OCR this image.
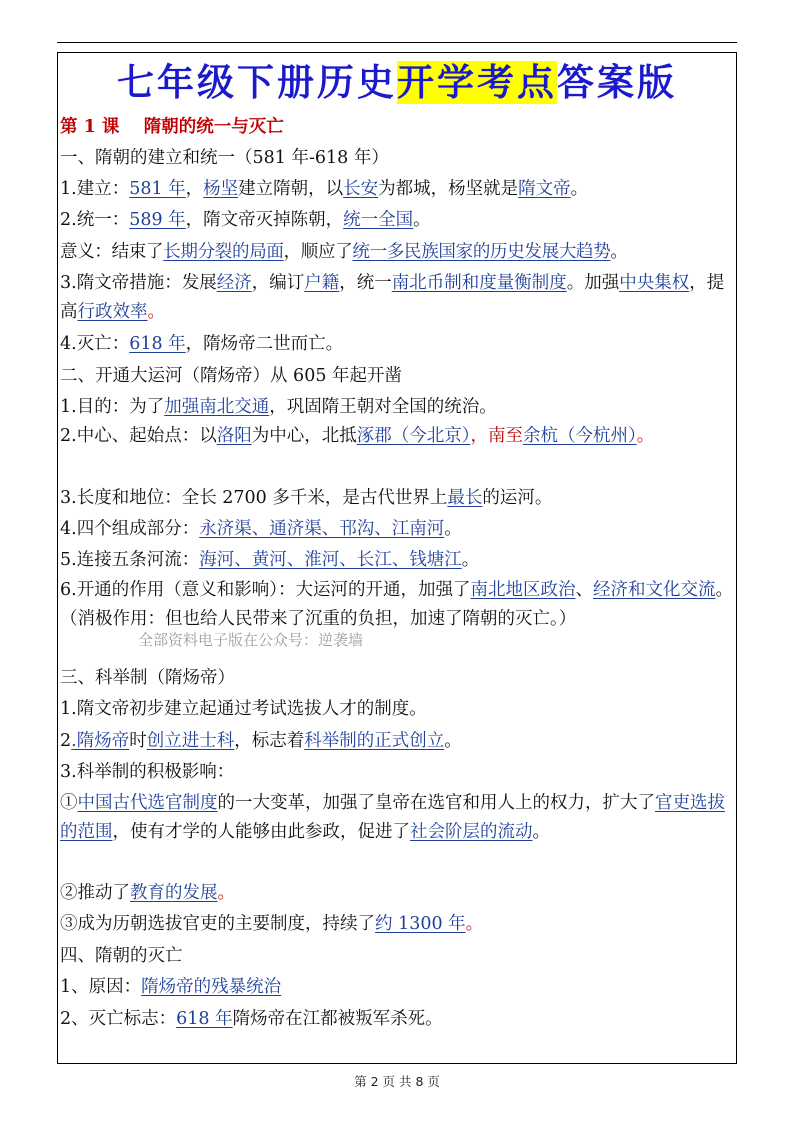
七年级下册历史开学考点答案版
第 1 课    隋朝的统一与灭亡
一、隋朝的建立和统一（581 年-618 年）
1.建立：581 年，杨坚建立隋朝，以长安为都城，杨坚就是隋文帝。
2.统一：589 年，隋文帝灭掉陈朝，统一全国。
意义：结束了长期分裂的局面，顺应了统一多民族国家的历史发展大趋势。
3.隋文帝措施：发展经济，编订户籍，统一南北币制和度量衡制度。加强中央集权，提高行政效率。
4.灭亡：618 年，隋炀帝二世而亡。
二、开通大运河（隋炀帝）从 605 年起开凿
1.目的：为了加强南北交通，巩固隋王朝对全国的统治。
2.中心、起始点：以洛阳为中心，北抵涿郡（今北京），南至余杭（今杭州）。
3.长度和地位：全长 2700 多千米，是古代世界上最长的运河。
4.四个组成部分：永济渠、通济渠、邗沟、江南河。
5.连接五条河流：海河、黄河、淮河、长江、钱塘江。
6.开通的作用（意义和影响）：大运河的开通，加强了南北地区政治、经济和文化交流。（消极作用：但也给人民带来了沉重的负担，加速了隋朝的灭亡。）
三、科举制（隋炀帝）
1.隋文帝初步建立起通过考试选拔人才的制度。
2.隋炀帝时创立进士科，标志着科举制的正式创立。
3.科举制的积极影响：
①中国古代选官制度的一大变革，加强了皇帝在选官和用人上的权力，扩大了官吏选拔的范围，使有才学的人能够由此参政，促进了社会阶层的流动。
②推动了教育的发展。
③成为历朝选拔官吏的主要制度，持续了约 1300 年。
四、隋朝的灭亡
1、原因：隋炀帝的残暴统治
2、灭亡标志：618 年隋炀帝在江都被叛军杀死。
全部资料电子版在公众号：逆袭墙
第 2 页 共 8 页
